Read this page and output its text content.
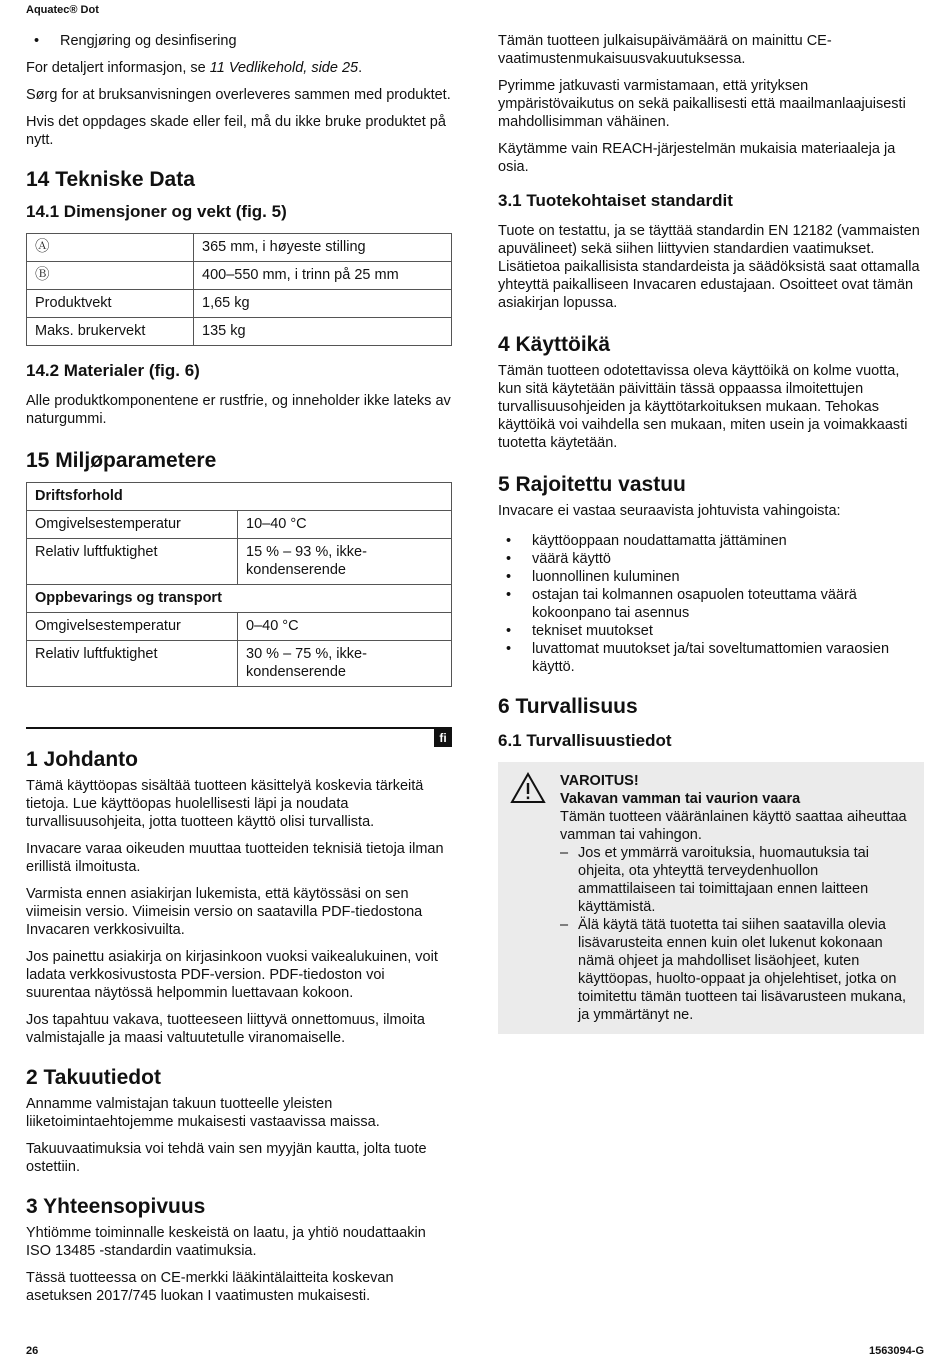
Aquatec® Dot
• Rengjøring og desinfisering

For detaljert informasjon, se 11 Vedlikehold, side 25.

Sørg for at bruksanvisningen overleveres sammen med produktet.

Hvis det oppdages skade eller feil, må du ikke bruke produktet på nytt.

14 Tekniske Data
14.1 Dimensjoner og vekt (fig. 5)
Ⓐ	365 mm, i høyeste stilling
Ⓑ	400–550 mm, i trinn på 25 mm
Produktvekt	1,65 kg
Maks. brukervekt	135 kg
14.2 Materialer (fig. 6)

Alle produktkomponentene er rustfrie, og inneholder ikke lateks av naturgummi.

15 Miljøparametere
Driftsforhold	
Omgivelsestemperatur	10–40 °C
Relativ luftfuktighet	15 % – 93 %, ikke-kondenserende
Oppbevarings og transport	
Omgivelsestemperatur	0–40 °C
Relativ luftfuktighet	30 % – 75 %, ikke-kondenserende
fi
1 Johdanto

Tämä käyttöopas sisältää tuotteen käsittelyä koskevia tärkeitä tietoja. Lue käyttöopas huolellisesti läpi ja noudata turvallisuusohjeita, jotta tuotteen käyttö olisi turvallista.

Invacare varaa oikeuden muuttaa tuotteiden teknisiä tietoja ilman erillistä ilmoitusta.

Varmista ennen asiakirjan lukemista, että käytössäsi on sen viimeisin versio. Viimeisin versio on saatavilla PDF-tiedostona Invacaren verkkosivuilta.

Jos painettu asiakirja on kirjasinkoon vuoksi vaikealukuinen, voit ladata verkkosivustosta PDF-version. PDF-tiedoston voi suurentaa näytössä helpommin luettavaan kokoon.

Jos tapahtuu vakava, tuotteeseen liittyvä onnettomuus, ilmoita valmistajalle ja maasi valtuutetulle viranomaiselle.

2 Takuutiedot

Annamme valmistajan takuun tuotteelle yleisten liiketoimintaehtojemme mukaisesti vastaavissa maissa.

Takuuvaatimuksia voi tehdä vain sen myyjän kautta, jolta tuote ostettiin.

3 Yhteensopivuus

Yhtiömme toiminnalle keskeistä on laatu, ja yhtiö noudattaakin ISO 13485 -standardin vaatimuksia.

Tässä tuotteessa on CE-merkki lääkintälaitteita koskevan asetuksen 2017/745 luokan I vaatimusten mukaisesti.

Tämän tuotteen julkaisupäivämäärä on mainittu CE-vaatimustenmukaisuusvakuutuksessa.

Pyrimme jatkuvasti varmistamaan, että yrityksen ympäristövaikutus on sekä paikallisesti että maailmanlaajuisesti mahdollisimman vähäinen.

Käytämme vain REACH-järjestelmän mukaisia materiaaleja ja osia.

3.1 Tuotekohtaiset standardit

Tuote on testattu, ja se täyttää standardin EN 12182 (vammaisten apuvälineet) sekä siihen liittyvien standardien vaatimukset. Lisätietoa paikallisista standardeista ja säädöksistä saat ottamalla yhteyttä paikalliseen Invacaren edustajaan. Osoitteet ovat tämän asiakirjan lopussa.

4 Käyttöikä

Tämän tuotteen odotettavissa oleva käyttöikä on kolme vuotta, kun sitä käytetään päivittäin tässä oppaassa ilmoitettujen turvallisuusohjeiden ja käyttötarkoituksen mukaan. Tehokas käyttöikä voi vaihdella sen mukaan, miten usein ja voimakkaasti tuotetta käytetään.

5 Rajoitettu vastuu

Invacare ei vastaa seuraavista johtuvista vahingoista:

• käyttöoppaan noudattamatta jättäminen
• väärä käyttö
• luonnollinen kuluminen
• ostajan tai kolmannen osapuolen toteuttama väärä kokoonpano tai asennus
• tekniset muutokset
• luvattomat muutokset ja/tai soveltumattomien varaosien käyttö.
6 Turvallisuus
6.1 Turvallisuustiedot

VAROITUS!

Vakavan vamman tai vaurion vaara

Tämän tuotteen vääränlainen käyttö saattaa aiheuttaa vamman tai vahingon.

– Jos et ymmärrä varoituksia, huomautuksia tai ohjeita, ota yhteyttä terveydenhuollon ammattilaiseen tai toimittajaan ennen laitteen käyttämistä.

– Älä käytä tätä tuotetta tai siihen saatavilla olevia lisävarusteita ennen kuin olet lukenut kokonaan nämä ohjeet ja mahdolliset lisäohjeet, kuten käyttöopas, huolto-oppaat ja ohjelehtiset, jotka on toimitettu tämän tuotteen tai lisävarusteen mukana, ja ymmärtänyt ne.

26	1563094-G
